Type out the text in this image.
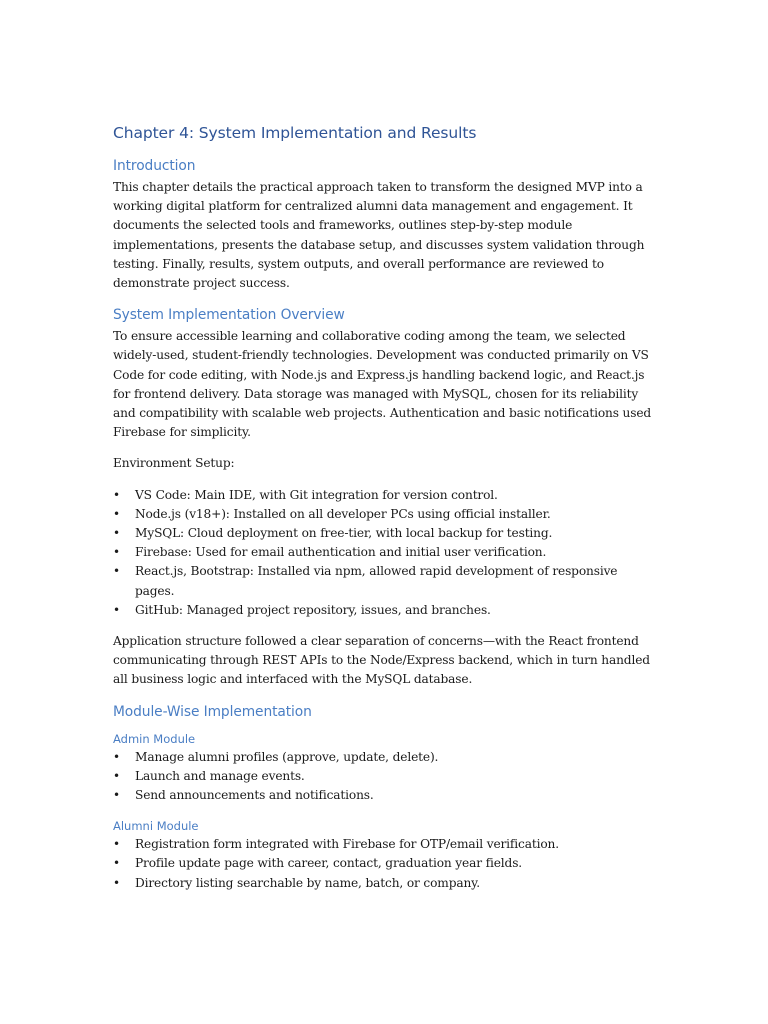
Chapter 4: System Implementation and Results
Introduction

This chapter details the practical approach taken to transform the designed MVP into a working digital platform for centralized alumni data management and engagement. It documents the selected tools and frameworks, outlines step-by-step module implementations, presents the database setup, and discusses system validation through testing. Finally, results, system outputs, and overall performance are reviewed to demonstrate project success.

System Implementation Overview

To ensure accessible learning and collaborative coding among the team, we selected widely-used, student-friendly technologies. Development was conducted primarily on VS Code for code editing, with Node.js and Express.js handling backend logic, and React.js for frontend delivery. Data storage was managed with MySQL, chosen for its reliability and compatibility with scalable web projects. Authentication and basic notifications used Firebase for simplicity.

Environment Setup:

• VS Code: Main IDE, with Git integration for version control.
• Node.js (v18+): Installed on all developer PCs using official installer.
• MySQL: Cloud deployment on free-tier, with local backup for testing.
• Firebase: Used for email authentication and initial user verification.
• React.js, Bootstrap: Installed via npm, allowed rapid development of responsive pages.
• GitHub: Managed project repository, issues, and branches.

Application structure followed a clear separation of concerns—with the React frontend communicating through REST APIs to the Node/Express backend, which in turn handled all business logic and interfaced with the MySQL database.

Module-Wise Implementation
Admin Module
• Manage alumni profiles (approve, update, delete).
• Launch and manage events.
• Send announcements and notifications.
Alumni Module
• Registration form integrated with Firebase for OTP/email verification.
• Profile update page with career, contact, graduation year fields.
• Directory listing searchable by name, batch, or company.
